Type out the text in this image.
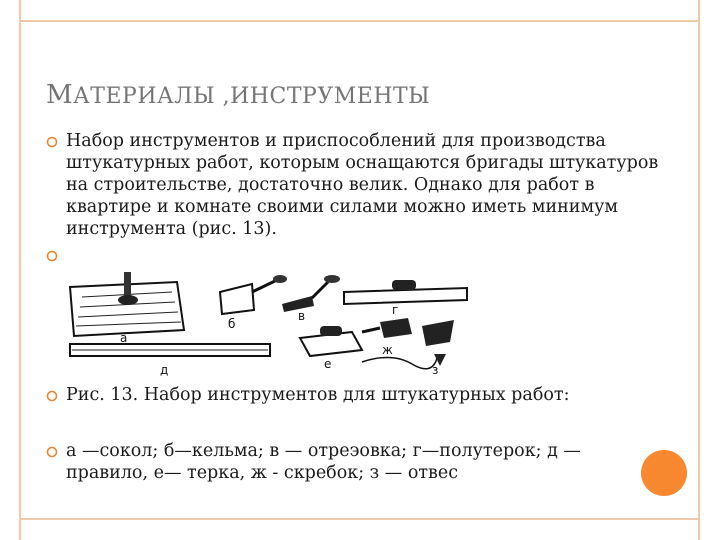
МАТЕРИАЛЫ ,ИНСТРУМЕНТЫ
Набор инструментов и приспособлений для производства штукатурных работ, которым оснащаются бригады штукатуров на строительстве, достаточно велик. Однако для работ в квартире и комнате своими силами можно иметь минимум инструмента (рис. 13).
а
д
б
в	г
е
ж
з
Рис. 13. Набор инструментов для штукатурных работ:
а —сокол; б—кельма; в — отреэовка; г—полутерок; д — правило, е— терка, ж - скребок; з — отвес
